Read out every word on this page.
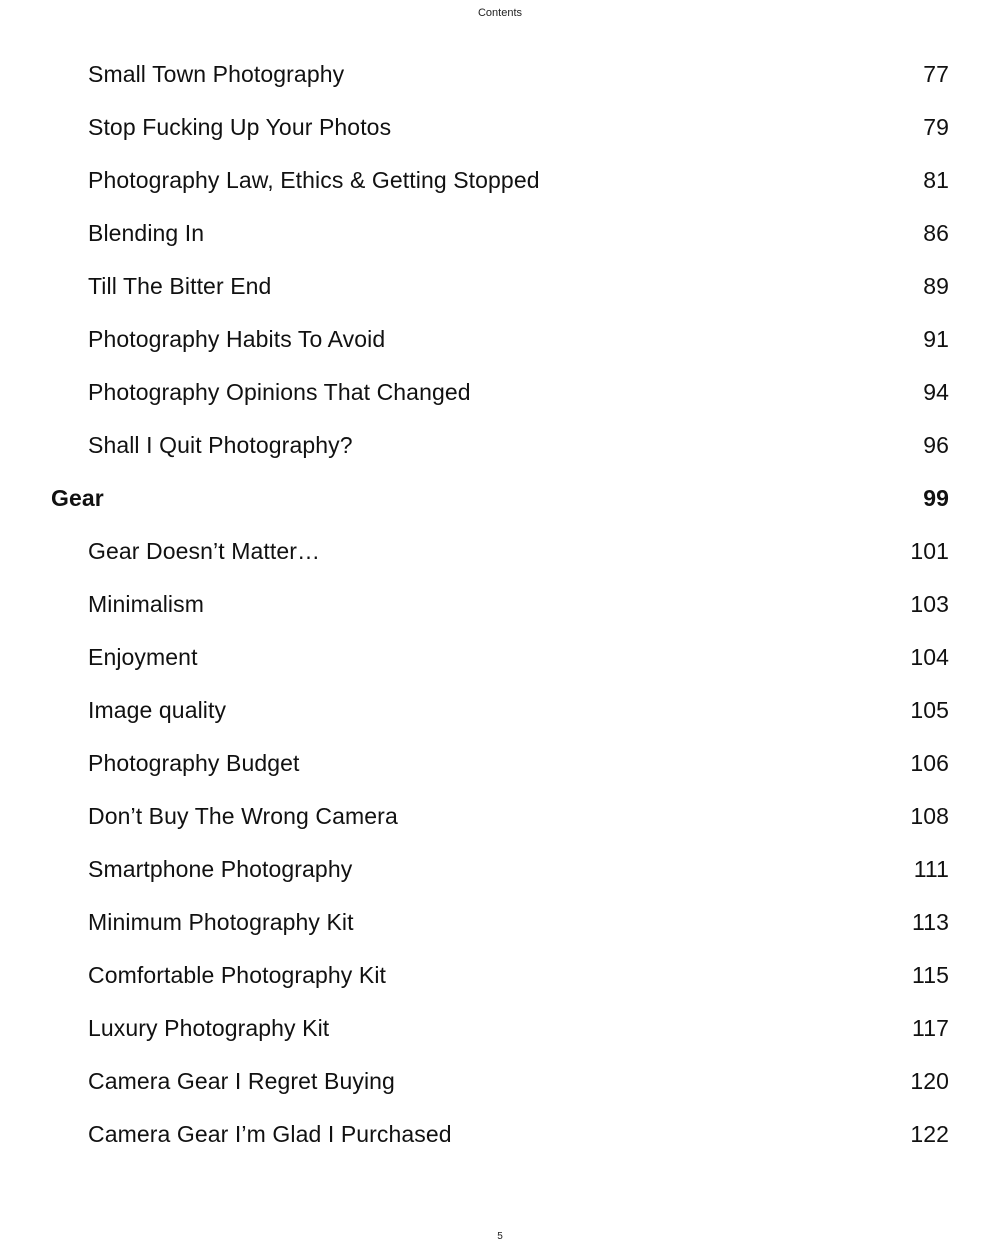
Contents
Small Town Photography	77
Stop Fucking Up Your Photos	79
Photography Law, Ethics & Getting Stopped	81
Blending In	86
Till The Bitter End	89
Photography Habits To Avoid	91
Photography Opinions That Changed	94
Shall I Quit Photography?	96
Gear	99
Gear Doesn’t Matter…	101
Minimalism	103
Enjoyment	104
Image quality	105
Photography Budget	106
Don’t Buy The Wrong Camera	108
Smartphone Photography	111
Minimum Photography Kit	113
Comfortable Photography Kit	115
Luxury Photography Kit	117
Camera Gear I Regret Buying	120
Camera Gear I’m Glad I Purchased	122
5
